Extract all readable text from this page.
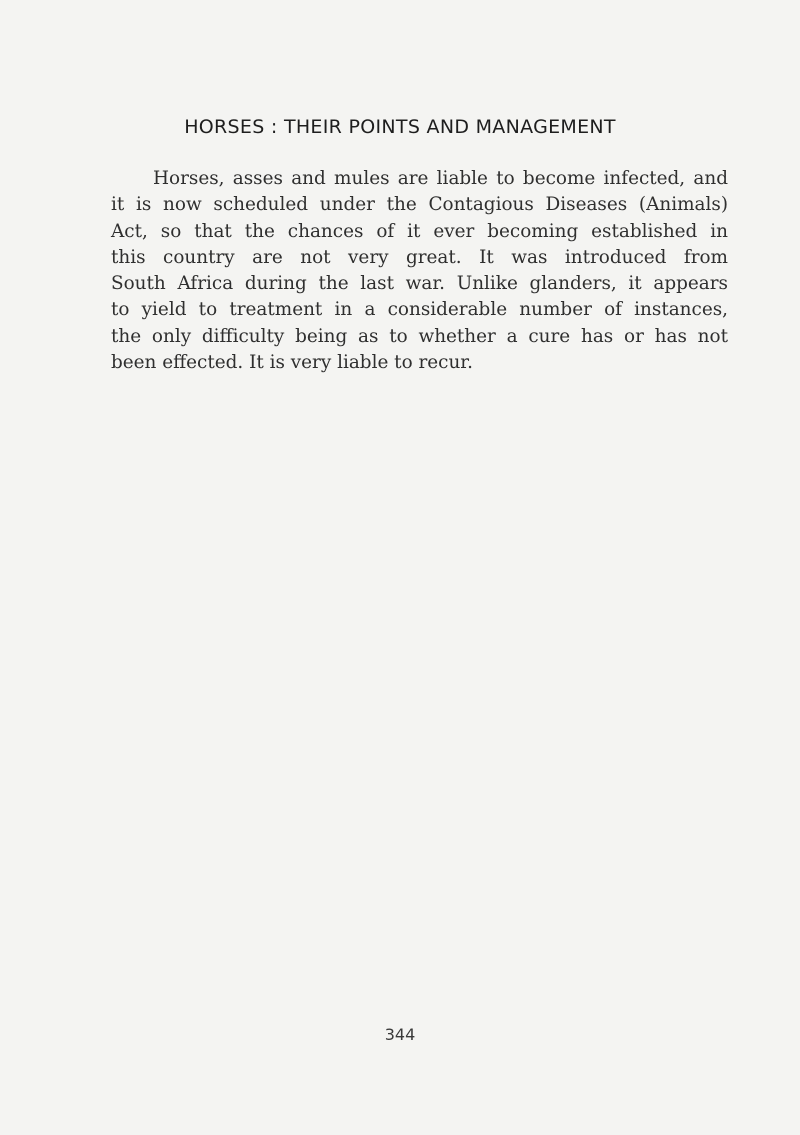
HORSES : THEIR POINTS AND MANAGEMENT

Horses, asses and mules are liable to become infected, and
it is now scheduled under the Contagious Diseases (Animals)
Act, so that the chances of it ever becoming established in
this country are not very great. It was introduced from
South Africa during the last war. Unlike glanders, it appears
to yield to treatment in a considerable number of instances,
the only difficulty being as to whether a cure has or has not
been effected. It is very liable to recur.

344
